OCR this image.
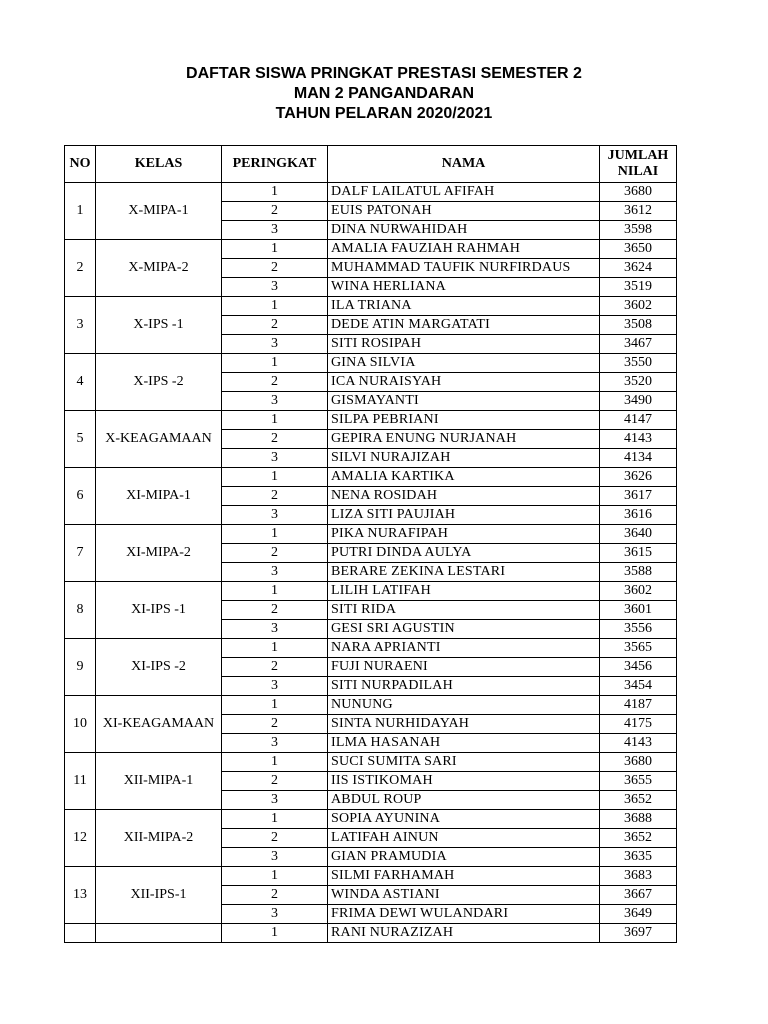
DAFTAR SISWA PRINGKAT PRESTASI SEMESTER 2
MAN 2 PANGANDARAN
TAHUN PELARAN 2020/2021
NO	KELAS	PERINGKAT	NAMA	JUMLAH NILAI
1	X-MIPA-1	1	DALF LAILATUL AFIFAH	3680
		2	EUIS PATONAH	3612
		3	DINA NURWAHIDAH	3598
2	X-MIPA-2	1	AMALIA FAUZIAH RAHMAH	3650
		2	MUHAMMAD TAUFIK NURFIRDAUS	3624
		3	WINA HERLIANA	3519
3	X-IPS -1	1	ILA TRIANA	3602
		2	DEDE ATIN MARGATATI	3508
		3	SITI ROSIPAH	3467
4	X-IPS -2	1	GINA SILVIA	3550
		2	ICA NURAISYAH	3520
		3	GISMAYANTI	3490
5	X-KEAGAMAAN	1	SILPA PEBRIANI	4147
		2	GEPIRA ENUNG NURJANAH	4143
		3	SILVI NURAJIZAH	4134
6	XI-MIPA-1	1	AMALIA KARTIKA	3626
		2	NENA ROSIDAH	3617
		3	LIZA SITI PAUJIAH	3616
7	XI-MIPA-2	1	PIKA NURAFIPAH	3640
		2	PUTRI DINDA AULYA	3615
		3	BERARE ZEKINA LESTARI	3588
8	XI-IPS -1	1	LILIH LATIFAH	3602
		2	SITI RIDA	3601
		3	GESI SRI AGUSTIN	3556
9	XI-IPS -2	1	NARA APRIANTI	3565
		2	FUJI NURAENI	3456
		3	SITI NURPADILAH	3454
10	XI-KEAGAMAAN	1	NUNUNG	4187
		2	SINTA NURHIDAYAH	4175
		3	ILMA HASANAH	4143
11	XII-MIPA-1	1	SUCI SUMITA SARI	3680
		2	IIS ISTIKOMAH	3655
		3	ABDUL ROUP	3652
12	XII-MIPA-2	1	SOPIA AYUNINA	3688
		2	LATIFAH AINUN	3652
		3	GIAN PRAMUDIA	3635
13	XII-IPS-1	1	SILMI FARHAMAH	3683
		2	WINDA ASTIANI	3667
		3	FRIMA DEWI WULANDARI	3649
		1	RANI NURAZIZAH	3697
